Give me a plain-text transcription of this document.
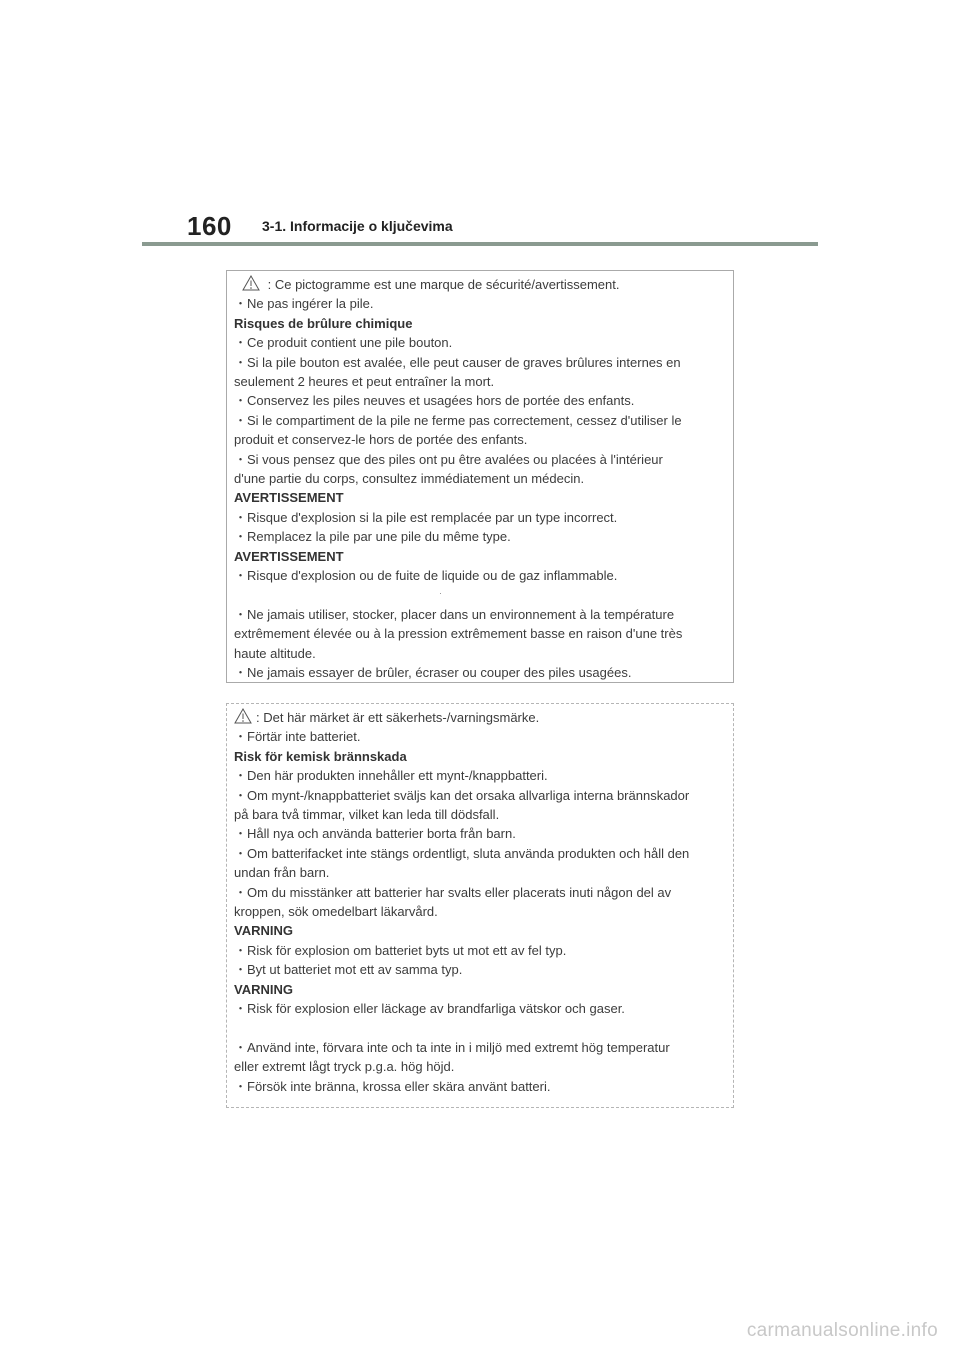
160 3-1. Informacije o ključevima
: Ce pictogramme est une marque de sécurité/avertissement.
・Ne pas ingérer la pile.
Risques de brûlure chimique
・Ce produit contient une pile bouton.
・Si la pile bouton est avalée, elle peut causer de graves brûlures internes en
seulement 2 heures et peut entraîner la mort.
・Conservez les piles neuves et usagées hors de portée des enfants.
・Si le compartiment de la pile ne ferme pas correctement, cessez d'utiliser le
produit et conservez-le hors de portée des enfants.
・Si vous pensez que des piles ont pu être avalées ou placées à l'intérieur
d'une partie du corps, consultez immédiatement un médecin.
AVERTISSEMENT
・Risque d'explosion si la pile est remplacée par un type incorrect.
・Remplacez la pile par une pile du même type.
AVERTISSEMENT
・Risque d'explosion ou de fuite de liquide ou de gaz inflammable.
・Ne jamais utiliser, stocker, placer dans un environnement à la température
extrêmement élevée ou à la pression extrêmement basse en raison d'une très
haute altitude.
・Ne jamais essayer de brûler, écraser ou couper des piles usagées.
: Det här märket är ett säkerhets-/varningsmärke.
・Förtär inte batteriet.
Risk för kemisk brännskada
・Den här produkten innehåller ett mynt-/knappbatteri.
・Om mynt-/knappbatteriet sväljs kan det orsaka allvarliga interna brännskador
på bara två timmar, vilket kan leda till dödsfall.
・Håll nya och använda batterier borta från barn.
・Om batterifacket inte stängs ordentligt, sluta använda produkten och håll den
undan från barn.
・Om du misstänker att batterier har svalts eller placerats inuti någon del av
kroppen, sök omedelbart läkarvård.
VARNING
・Risk för explosion om batteriet byts ut mot ett av fel typ.
・Byt ut batteriet mot ett av samma typ.
VARNING
・Risk för explosion eller läckage av brandfarliga vätskor och gaser.
・Använd inte, förvara inte och ta inte in i miljö med extremt hög temperatur
eller extremt lågt tryck p.g.a. hög höjd.
・Försök inte bränna, krossa eller skära använt batteri.
carmanualsonline.info
